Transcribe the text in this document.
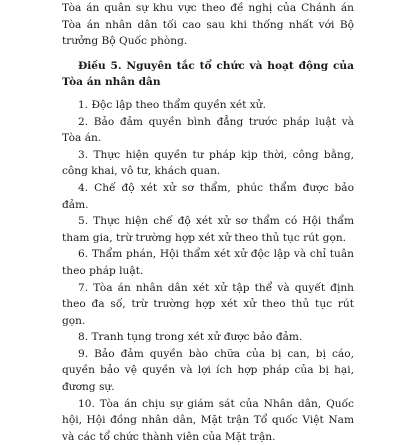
Tòa án quân sự khu vực theo đề nghị của Chánh án Tòa án nhân dân tối cao sau khi thống nhất với Bộ trưởng Bộ Quốc phòng.

Điều 5. Nguyên tắc tổ chức và hoạt động của Tòa án nhân dân

1. Độc lập theo thẩm quyền xét xử.

2. Bảo đảm quyền bình đẳng trước pháp luật và Tòa án.

3. Thực hiện quyền tư pháp kịp thời, công bằng, công khai, vô tư, khách quan.

4. Chế độ xét xử sơ thẩm, phúc thẩm được bảo đảm.

5. Thực hiện chế độ xét xử sơ thẩm có Hội thẩm tham gia, trừ trường hợp xét xử theo thủ tục rút gọn.

6. Thẩm phán, Hội thẩm xét xử độc lập và chỉ tuân theo pháp luật.

7. Tòa án nhân dân xét xử tập thể và quyết định theo đa số, trừ trường hợp xét xử theo thủ tục rút gọn.

8. Tranh tụng trong xét xử được bảo đảm.

9. Bảo đảm quyền bào chữa của bị can, bị cáo, quyền bảo vệ quyền và lợi ích hợp pháp của bị hại, đương sự.

10. Tòa án chịu sự giám sát của Nhân dân, Quốc hội, Hội đồng nhân dân, Mặt trận Tổ quốc Việt Nam và các tổ chức thành viên của Mặt trận.
